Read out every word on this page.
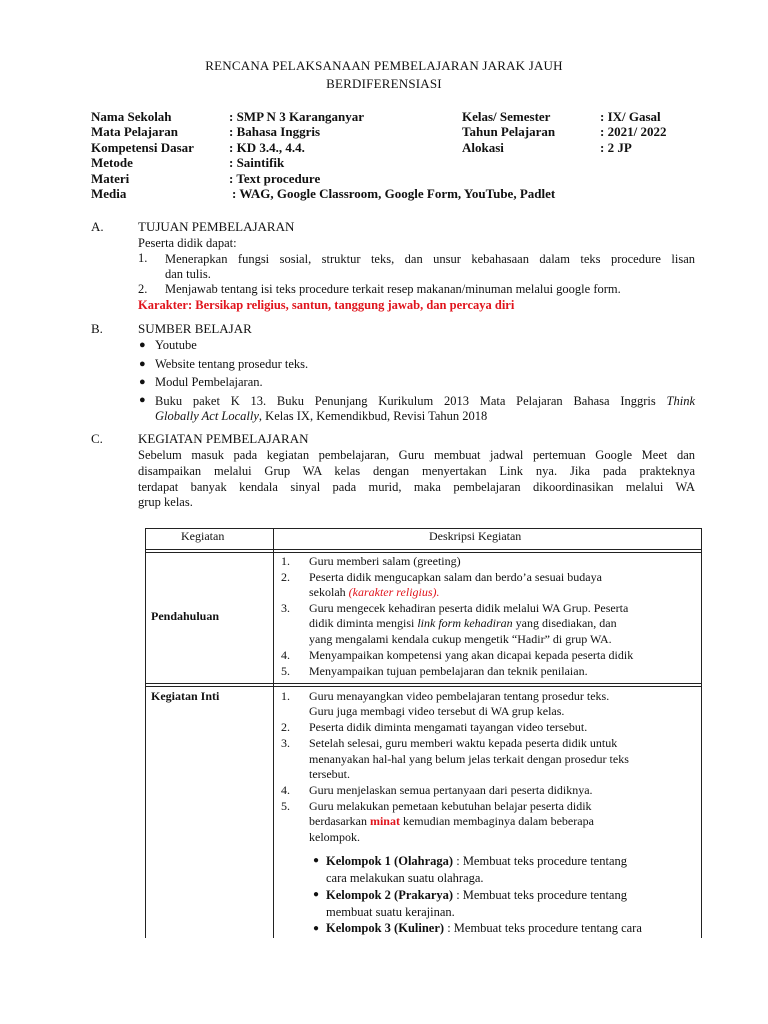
RENCANA PELAKSANAAN PEMBELAJARAN JARAK JAUH
BERDIFERENSIASI
Nama Sekolah	: SMP N 3 Karanganyar	Kelas/ Semester	: IX/ Gasal
Mata Pelajaran	: Bahasa Inggris	Tahun Pelajaran	: 2021/ 2022
Kompetensi Dasar	: KD 3.4., 4.4.	Alokasi	: 2 JP
Metode	: Saintifik
Materi	: Text procedure
Media	: WAG, Google Classroom, Google Form, YouTube, Padlet
A.	TUJUAN PEMBELAJARAN
Peserta didik dapat:
1. Menerapkan fungsi sosial, struktur teks, dan unsur kebahasaan dalam teks procedure lisan
dan tulis.
2. Menjawab tentang isi teks procedure terkait resep makanan/minuman melalui google form.
Karakter: Bersikap religius, santun, tanggung jawab, dan percaya diri
B.	SUMBER BELAJAR
● Youtube
● Website tentang prosedur teks.
● Modul Pembelajaran.
● Buku paket K 13. Buku Penunjang Kurikulum 2013 Mata Pelajaran Bahasa Inggris Think
Globally Act Locally, Kelas IX, Kemendikbud, Revisi Tahun 2018
C.	KEGIATAN PEMBELAJARAN
Sebelum masuk pada kegiatan pembelajaran, Guru membuat jadwal pertemuan Google Meet dan
disampaikan melalui Grup WA kelas dengan menyertakan Link nya. Jika pada prakteknya
terdapat banyak kendala sinyal pada murid, maka pembelajaran dikoordinasikan melalui WA
grup kelas.
Kegiatan	Deskripsi Kegiatan
Pendahuluan
1. Guru memberi salam (greeting)
2. Peserta didik mengucapkan salam dan berdo’a sesuai budaya
sekolah (karakter religius).
3. Guru mengecek kehadiran peserta didik melalui WA Grup. Peserta
didik diminta mengisi link form kehadiran yang disediakan, dan
yang mengalami kendala cukup mengetik “Hadir” di grup WA.
4. Menyampaikan kompetensi yang akan dicapai kepada peserta didik
5. Menyampaikan tujuan pembelajaran dan teknik penilaian.
Kegiatan Inti	1. Guru menayangkan video pembelajaran tentang prosedur teks.
Guru juga membagi video tersebut di WA grup kelas.
2. Peserta didik diminta mengamati tayangan video tersebut.
3. Setelah selesai, guru memberi waktu kepada peserta didik untuk
menanyakan hal-hal yang belum jelas terkait dengan prosedur teks
tersebut.
4. Guru menjelaskan semua pertanyaan dari peserta didiknya.
5. Guru melakukan pemetaan kebutuhan belajar peserta didik
berdasarkan minat kemudian membaginya dalam beberapa
kelompok.
● Kelompok 1 (Olahraga) : Membuat teks procedure tentang
cara melakukan suatu olahraga.
● Kelompok 2 (Prakarya) : Membuat teks procedure tentang
membuat suatu kerajinan.
● Kelompok 3 (Kuliner) : Membuat teks procedure tentang cara
